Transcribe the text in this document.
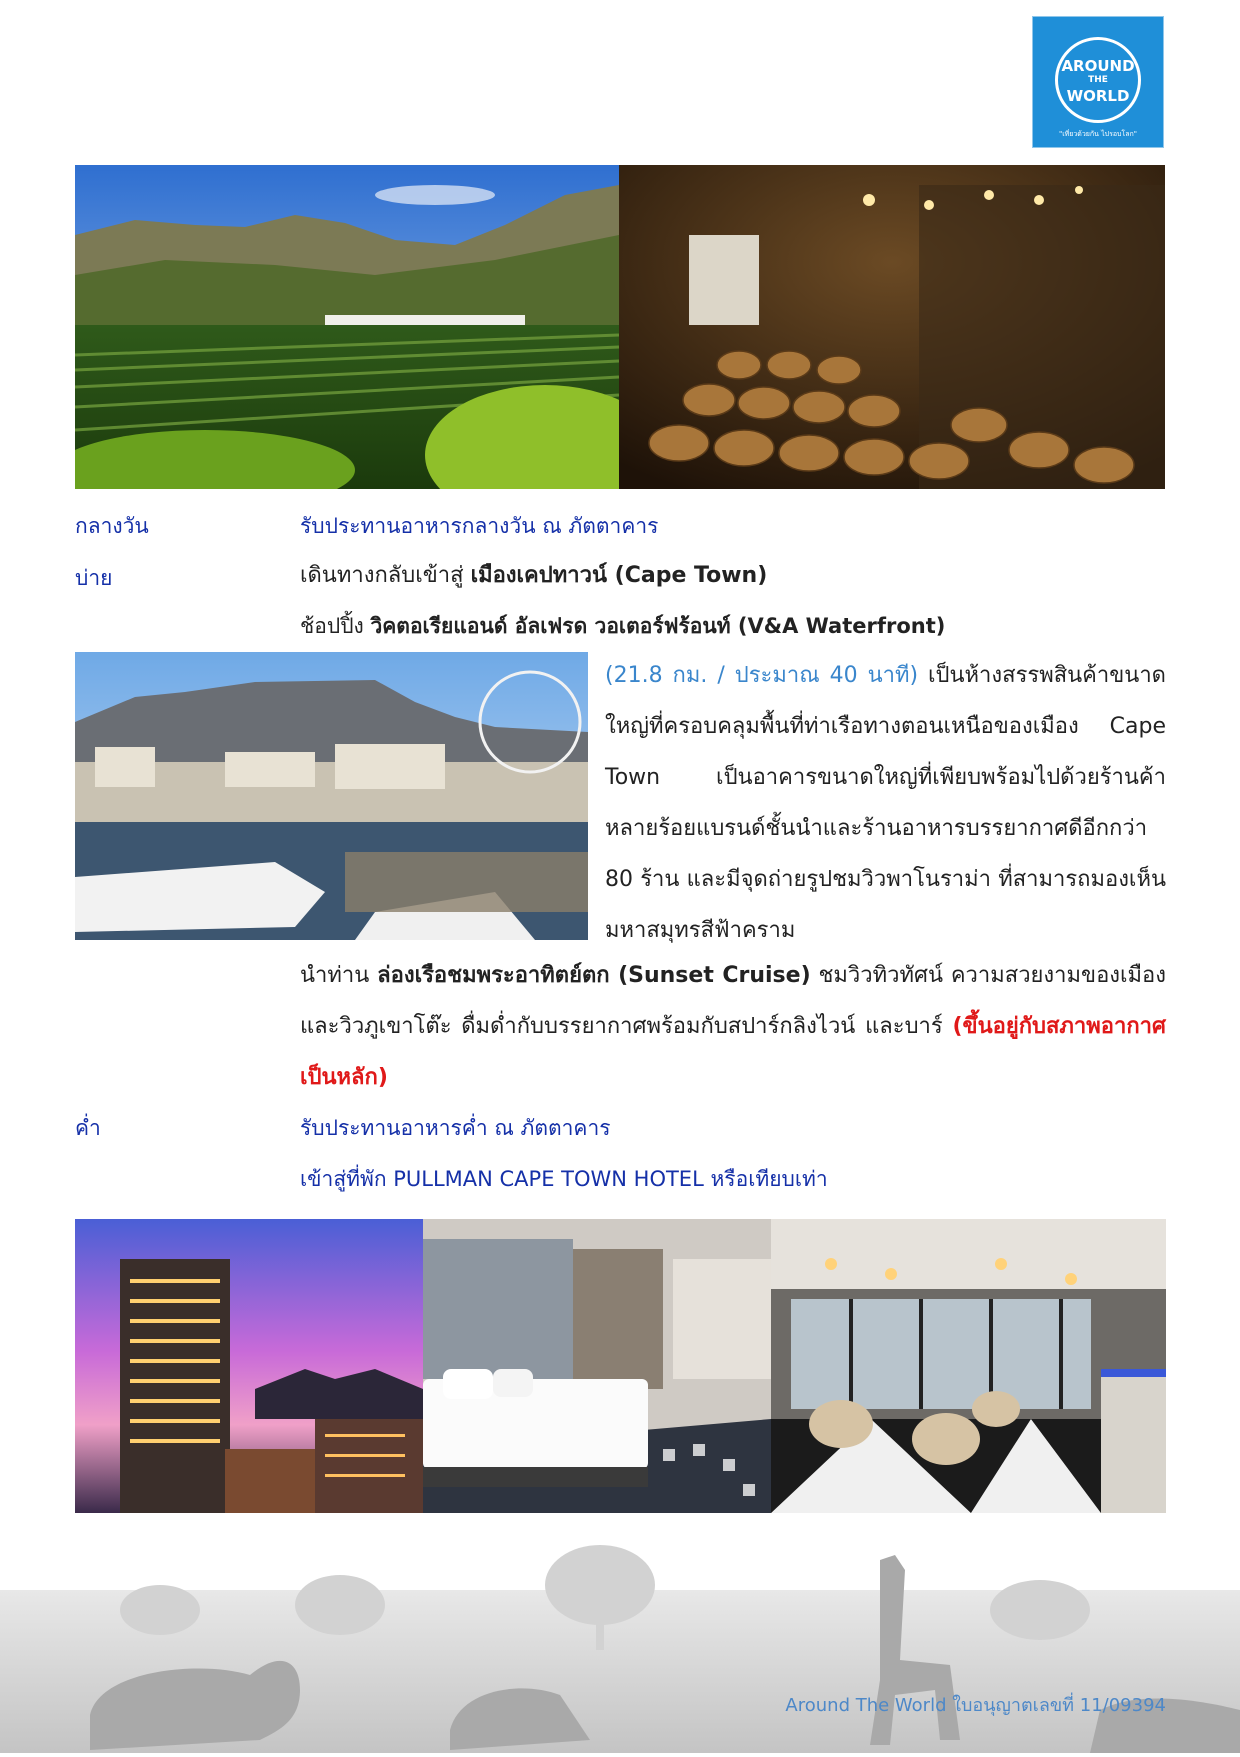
AROUND
THE
WORLD
"เที่ยวด้วยกัน ไปรอบโลก"
กลางวัน	รับประทานอาหารกลางวัน ณ ภัตตาคาร
บ่าย	เดินทางกลับเข้าสู่ เมืองเคปทาวน์ (Cape Town)
ช้อปปิ้ง วิคตอเรียแอนด์ อัลเฟรด วอเตอร์ฟร้อนท์ (V&A Waterfront)

(21.8 กม. / ประมาณ 40 นาที) เป็นห้างสรรพสินค้าขนาดใหญ่ที่ครอบคลุมพื้นที่ท่าเรือทางตอนเหนือของเมือง Cape Town เป็นอาคารขนาดใหญ่ที่เพียบพร้อมไปด้วยร้านค้าหลายร้อยแบรนด์ชั้นนำและร้านอาหารบรรยากาศดีอีกกว่า 80 ร้าน และมีจุดถ่ายรูปชมวิวพาโนราม่า ที่สามารถมองเห็นมหาสมุทรสีฟ้าคราม
นำท่าน ล่องเรือชมพระอาทิตย์ตก (Sunset Cruise) ชมวิวทิวทัศน์ ความสวยงามของเมืองและวิวภูเขาโต๊ะ ดื่มด่ำกับบรรยากาศพร้อมกับสปาร์กลิงไวน์ และบาร์ (ขึ้นอยู่กับสภาพอากาศเป็นหลัก)
ค่ำ	รับประทานอาหารค่ำ ณ ภัตตาคาร
เข้าสู่ที่พัก PULLMAN CAPE TOWN HOTEL หรือเทียบเท่า
Around The World ใบอนุญาตเลขที่ 11/09394
